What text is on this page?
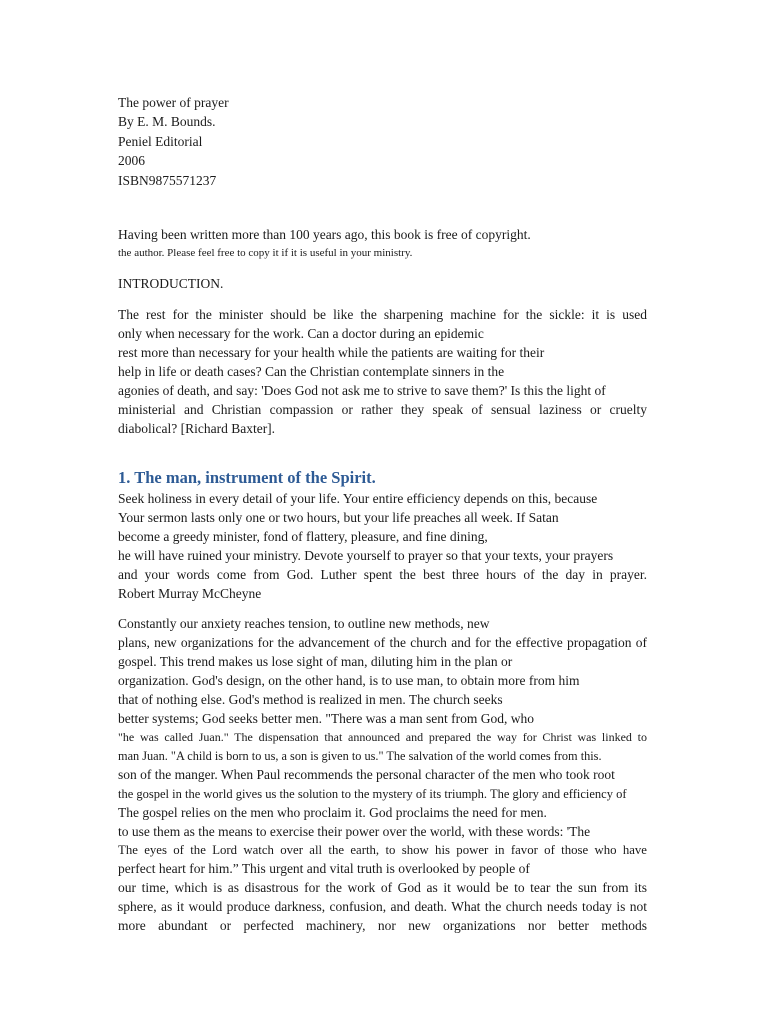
The power of prayer
By E. M. Bounds.
Peniel Editorial
2006
ISBN9875571237
Having been written more than 100 years ago, this book is free of copyright.
the author. Please feel free to copy it if it is useful in your ministry.
INTRODUCTION.
The rest for the minister should be like the sharpening machine for the sickle: it is used
only when necessary for the work. Can a doctor during an epidemic
rest more than necessary for your health while the patients are waiting for their
help in life or death cases? Can the Christian contemplate sinners in the
agonies of death, and say: 'Does God not ask me to strive to save them?' Is this the light of
ministerial and Christian compassion or rather they speak of sensual laziness or cruelty
diabolical? [Richard Baxter].
1. The man, instrument of the Spirit.
Seek holiness in every detail of your life. Your entire efficiency depends on this, because
Your sermon lasts only one or two hours, but your life preaches all week. If Satan
become a greedy minister, fond of flattery, pleasure, and fine dining,
he will have ruined your ministry. Devote yourself to prayer so that your texts, your prayers
and your words come from God. Luther spent the best three hours of the day in prayer.
Robert Murray McCheyne
Constantly our anxiety reaches tension, to outline new methods, new
plans, new organizations for the advancement of the church and for the effective propagation of
gospel. This trend makes us lose sight of man, diluting him in the plan or
organization. God's design, on the other hand, is to use man, to obtain more from him
that of nothing else. God's method is realized in men. The church seeks
better systems; God seeks better men. "There was a man sent from God, who
"he was called Juan." The dispensation that announced and prepared the way for Christ was linked to
man Juan. "A child is born to us, a son is given to us." The salvation of the world comes from this.
son of the manger. When Paul recommends the personal character of the men who took root
the gospel in the world gives us the solution to the mystery of its triumph. The glory and efficiency of
The gospel relies on the men who proclaim it. God proclaims the need for men.
to use them as the means to exercise their power over the world, with these words: 'The
The eyes of the Lord watch over all the earth, to show his power in favor of those who have
perfect heart for him.” This urgent and vital truth is overlooked by people of
our time, which is as disastrous for the work of God as it would be to tear the sun from its
sphere, as it would produce darkness, confusion, and death. What the church needs today is not
more abundant or perfected machinery, nor new organizations nor better methods
